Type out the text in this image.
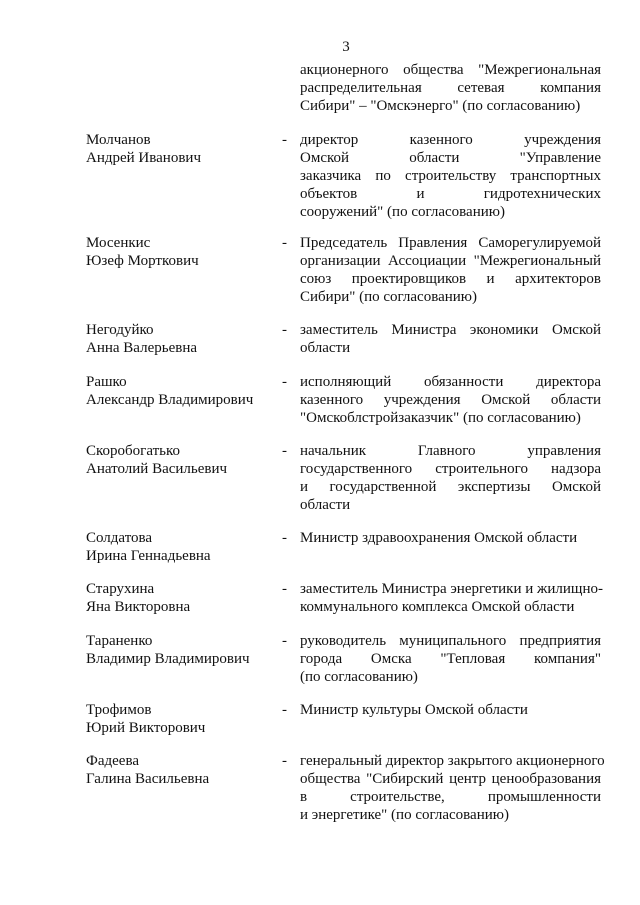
3
акционерного общества "Межрегиональная
распределительная сетевая компания
Сибири" – "Омскэнерго" (по согласованию)
Молчанов
Андрей Иванович
- директор казенного учреждения
Омской области "Управление
заказчика по строительству транспортных
объектов и гидротехнических
сооружений" (по согласованию)
Мосенкис
Юзеф Морткович
- Председатель Правления Саморегулируемой
организации Ассоциации "Межрегиональный
союз проектировщиков и архитекторов
Сибири" (по согласованию)
Негодуйко
Анна Валерьевна
- заместитель Министра экономики Омской
области
Рашко
Александр Владимирович
- исполняющий обязанности директора
казенного учреждения Омской области
"Омскоблстройзаказчик" (по согласованию)
Скоробогатько
Анатолий Васильевич
- начальник Главного управления
государственного строительного надзора
и государственной экспертизы Омской
области
Солдатова
Ирина Геннадьевна
- Министр здравоохранения Омской области
Старухина
Яна Викторовна
- заместитель Министра энергетики и жилищно-
коммунального комплекса Омской области
Тараненко
Владимир Владимирович
- руководитель муниципального предприятия
города Омска "Тепловая компания"
(по согласованию)
Трофимов
Юрий Викторович
- Министр культуры Омской области
Фадеева
Галина Васильевна
- генеральный директор закрытого акционерного
общества "Сибирский центр ценообразования
в строительстве, промышленности
и энергетике" (по согласованию)
